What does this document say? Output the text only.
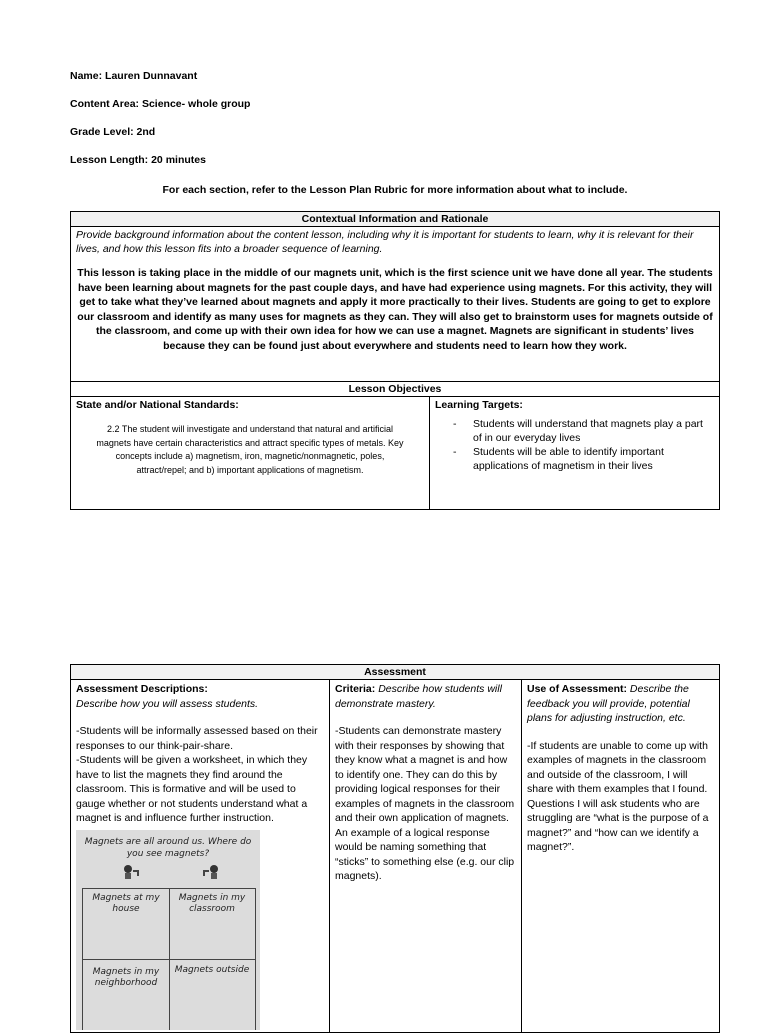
Name: Lauren Dunnavant
Content Area: Science- whole group
Grade Level: 2nd
Lesson Length: 20 minutes
For each section, refer to the Lesson Plan Rubric for more information about what to include.
Contextual Information and Rationale

Provide background information about the content lesson, including why it is important for students to learn, why it is relevant for their lives, and how this lesson fits into a broader sequence of learning.
This lesson is taking place in the middle of our magnets unit, which is the first science unit we have done all year. The students have been learning about magnets for the past couple days, and have had experience using magnets. For this activity, they will get to take what they’ve learned about magnets and apply it more practically to their lives. Students are going to get to explore our classroom and identify as many uses for magnets as they can. They will also get to brainstorm uses for magnets outside of the classroom, and come up with their own idea for how we can use a magnet. Magnets are significant in students’ lives because they can be found just about everywhere and students need to learn how they work.

Lesson Objectives

State and/or National Standards:
2.2 The student will investigate and understand that natural and artificial magnets have certain characteristics and attract specific types of metals. Key concepts include a) magnetism, iron, magnetic/nonmagnetic, poles, attract/repel; and b) important applications of magnetism.

Learning Targets:
- Students will understand that magnets play a part of in our everyday lives
- Students will be able to identify important applications of magnetism in their lives
Assessment

Assessment Descriptions:
Describe how you will assess students.
-Students will be informally assessed based on their responses to our think-pair-share.
-Students will be given a worksheet, in which they have to list the magnets they find around the classroom. This is formative and will be used to gauge whether or not students understand what a magnet is and influence further instruction.
Magnets are all around us. Where do you see magnets?
Magnets at my house
Magnets in my classroom
Magnets in my neighborhood
Magnets outside

Criteria: Describe how students will demonstrate mastery.
-Students can demonstrate mastery with their responses by showing that they know what a magnet is and how to identify one. They can do this by providing logical responses for their examples of magnets in the classroom and their own application of magnets. An example of a logical response would be naming something that “sticks” to something else (e.g. our clip magnets).

Use of Assessment: Describe the feedback you will provide, potential plans for adjusting instruction, etc.
-If students are unable to come up with examples of magnets in the classroom and outside of the classroom, I will share with them examples that I found. Questions I will ask students who are struggling are “what is the purpose of a magnet?” and “how can we identify a magnet?”.
